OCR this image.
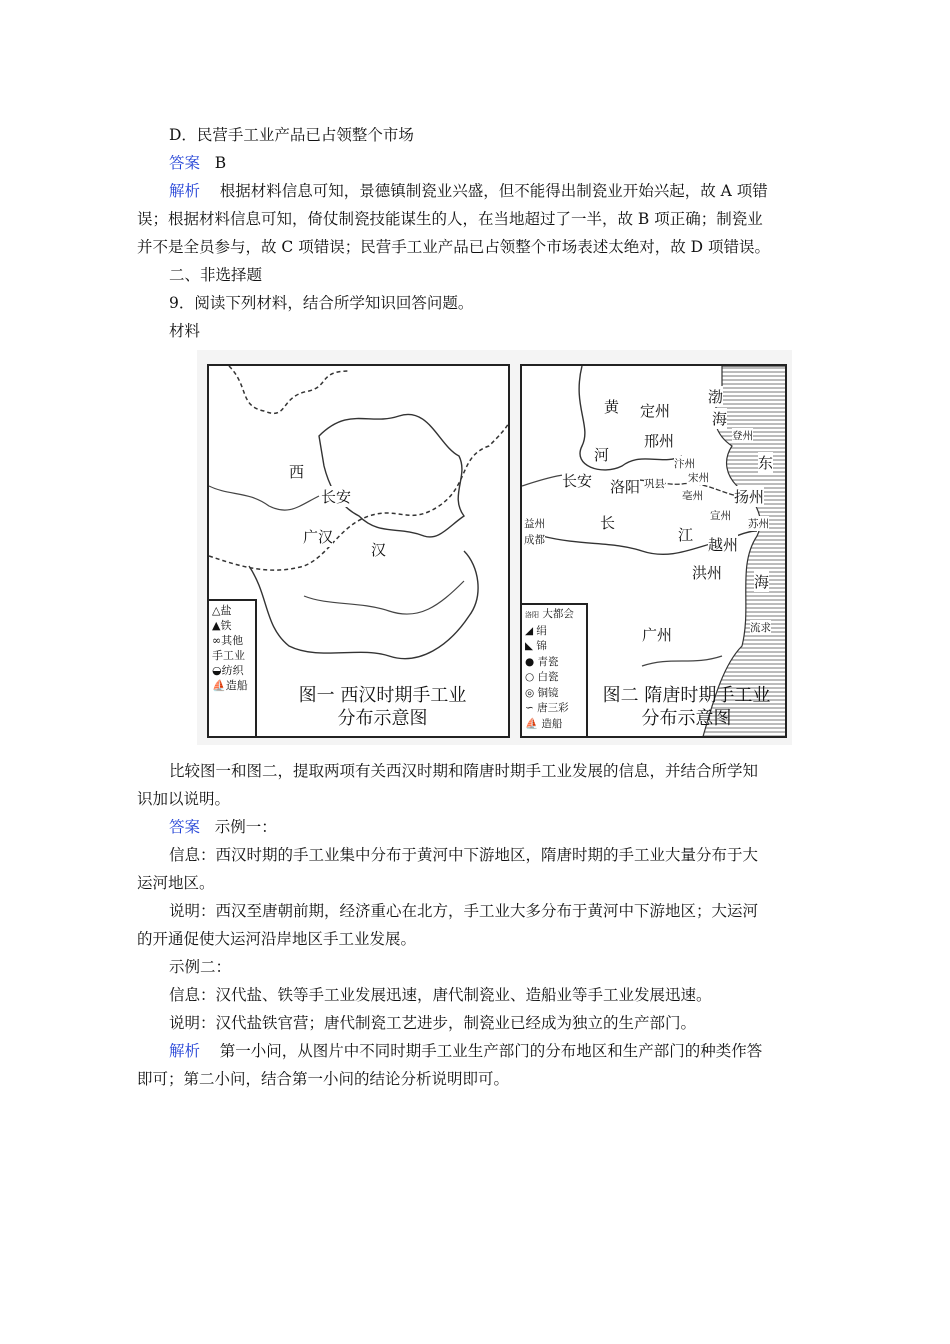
D．民营手工业产品已占领整个市场
答案 B
解析 根据材料信息可知，景德镇制瓷业兴盛，但不能得出制瓷业开始兴起，故 A 项错
误；根据材料信息可知，倚仗制瓷技能谋生的人，在当地超过了一半，故 B 项正确；制瓷业
并不是全员参与，故 C 项错误；民营手工业产品已占领整个市场表述太绝对，故 D 项错误。
二、非选择题
9．阅读下列材料，结合所学知识回答问题。
材料
西
长安
广汉
汉
△盐
▲铁
∞其他手工业
◒纺织
⛵造船	图一 西汉时期手工业
分布示意图
黄
河
长安 洛阳
定州
邢州
渤
海
登州
汴州
宋州
巩县
亳州
东
扬州
宣州
苏州
益州
成都
长
江
越州
洪州 海
广州	流求
洛阳 大都会
◢ 绢
◣ 锦
● 青瓷
○ 白瓷
◎ 铜镜
∽ 唐三彩
⛵ 造船
图二 隋唐时期手工业
分布示意图
比较图一和图二，提取两项有关西汉时期和隋唐时期手工业发展的信息，并结合所学知
识加以说明。
答案 示例一：
信息：西汉时期的手工业集中分布于黄河中下游地区，隋唐时期的手工业大量分布于大
运河地区。
说明：西汉至唐朝前期，经济重心在北方，手工业大多分布于黄河中下游地区；大运河
的开通促使大运河沿岸地区手工业发展。
示例二：
信息：汉代盐、铁等手工业发展迅速，唐代制瓷业、造船业等手工业发展迅速。
说明：汉代盐铁官营；唐代制瓷工艺进步，制瓷业已经成为独立的生产部门。
解析 第一小问，从图片中不同时期手工业生产部门的分布地区和生产部门的种类作答
即可；第二小问，结合第一小问的结论分析说明即可。
